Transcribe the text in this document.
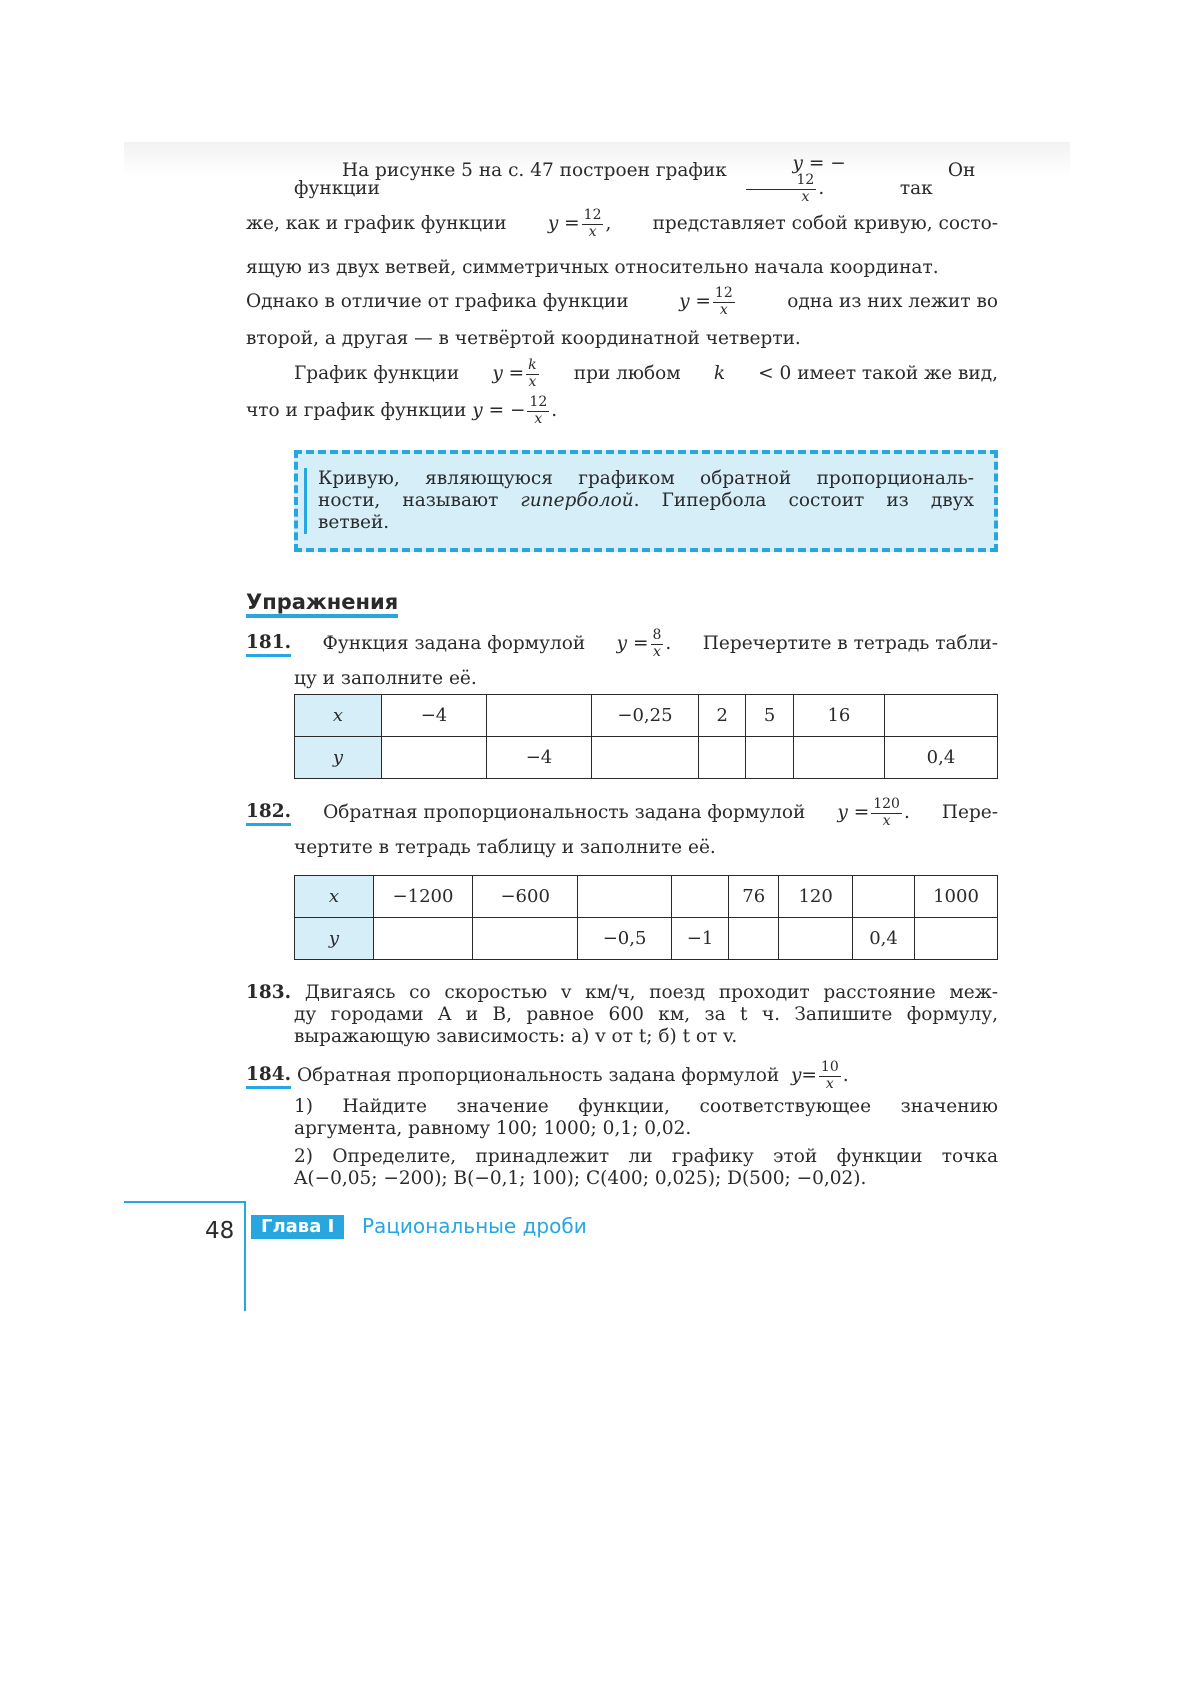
На рисунке 5 на с. 47 построен график функции
y = −
$\frac{12}{x}$ .
Он так
же, как и график функции $y = \frac{12}{x}$ , представляет собой кривую, состо-
ящую из двух ветвей, симметричных относительно начала координат.
Однако в отличие от графика функции	$y = \frac{12}{x}$	одна из них лежит во
второй, а другая — в четвёртой координатной четверти.
График функции $y = \frac{k}{x}$ при любом k < 0 имеет такой же вид,
что и график функции
y = − $\frac{12}{x}$ .
Кривую, являющуюся графиком обратной пропорциональ-
ности, называют гиперболой. Гипербола состоит из двух
ветвей.
Упражнения
181. Функция задана формулой $y = \frac{8}{x}$ . Перечертите в тетрадь табли-
цу и заполните её.
x	−4		−0,25	2	5	16	
y		−4					0,4
182. Обратная пропорциональность задана формулой $y = \frac{120}{x}$ . Пере-
чертите в тетрадь таблицу и заполните её.
x	−1200	−600			76	120		1000
y			−0,5	−1			0,4	
183. Двигаясь со скоростью v км/ч, поезд проходит расстояние меж-
ду городами A и B, равное 600 км, за t ч. Запишите формулу,
выражающую зависимость: а) v от t; б) t от v.
184.
Обратная пропорциональность задана формулой
$y= \frac{10}{x}$ .
1) Найдите значение функции, соответствующее значению
аргумента, равному 100; 1000; 0,1; 0,02.
2) Определите, принадлежит ли графику этой функции точка
A(−0,05; −200); B(−0,1; 100); C(400; 0,025); D(500; −0,02).
48	Глава I	Рациональные дроби
